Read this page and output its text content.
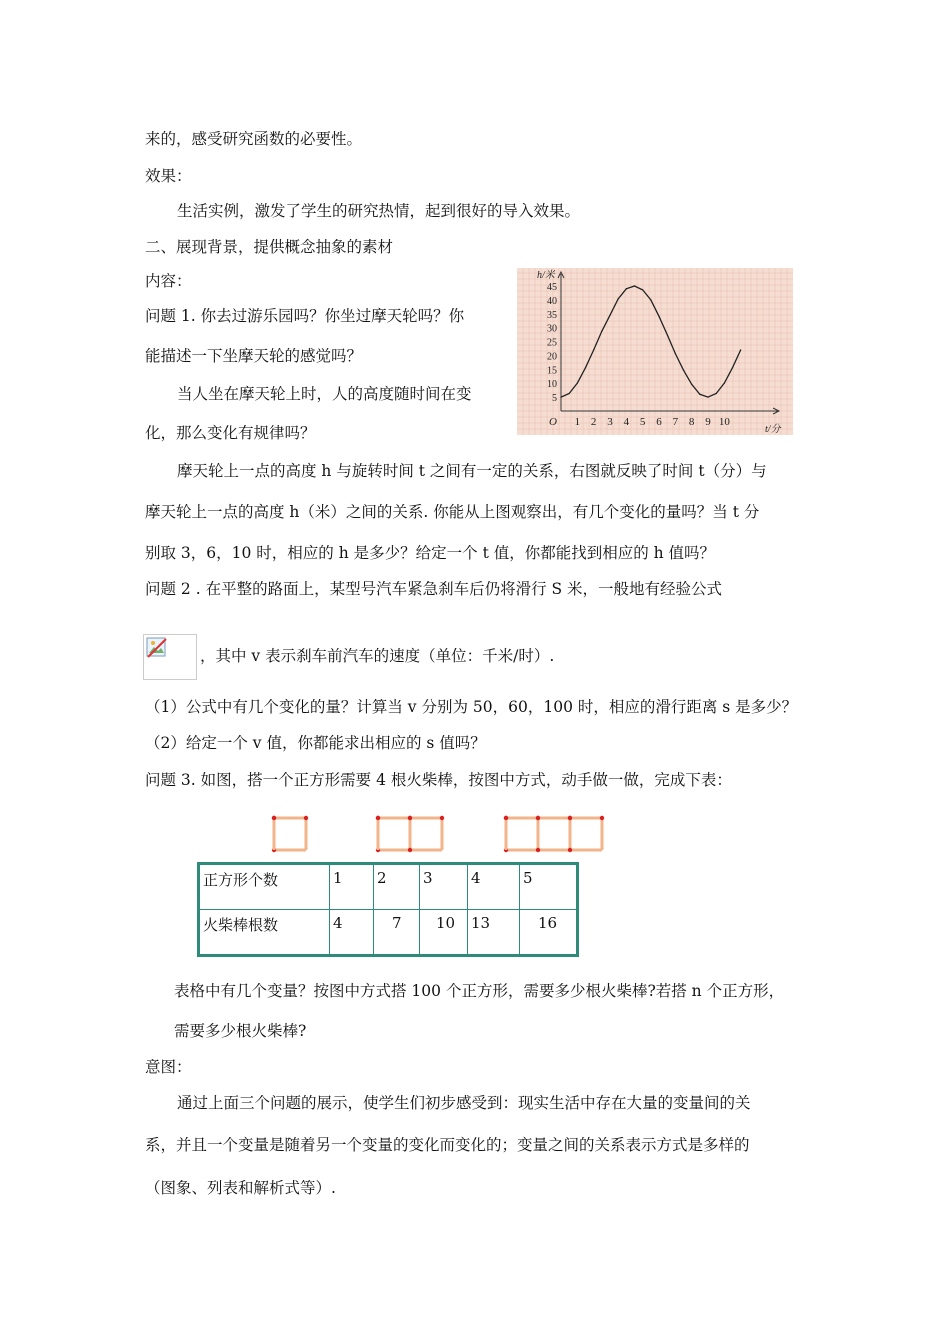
来的，感受研究函数的必要性。
效果：
生活实例，激发了学生的研究热情，起到很好的导入效果。
二、展现背景，提供概念抽象的素材
内容：
问题 1. 你去过游乐园吗？你坐过摩天轮吗？你
能描述一下坐摩天轮的感觉吗？
当人坐在摩天轮上时，人的高度随时间在变
化，那么变化有规律吗？
1 2 3 4 5 6 7 8 9 10
5
10
15
20
25
30
35
40
45
O
h/米
t/分
摩天轮上一点的高度 h 与旋转时间 t 之间有一定的关系，右图就反映了时间 t（分）与
摩天轮上一点的高度 h（米）之间的关系. 你能从上图观察出，有几个变化的量吗？当 t 分
别取 3，6，10 时，相应的 h 是多少？给定一个 t 值，你都能找到相应的 h 值吗？
问题 2 . 在平整的路面上，某型号汽车紧急刹车后仍将滑行 S 米，一般地有经验公式
，其中 v 表示刹车前汽车的速度（单位：千米/时）.
（1）公式中有几个变化的量？计算当 v 分别为 50，60，100 时，相应的滑行距离 s 是多少？
（2）给定一个 v 值，你都能求出相应的 s 值吗？
问题 3. 如图，搭一个正方形需要 4 根火柴棒，按图中方式，动手做一做，完成下表：
正方形个数	1	2	3	4	5
火柴棒根数	4	7	10	13	16
表格中有几个变量？按图中方式搭 100 个正方形，需要多少根火柴棒?若搭 n 个正方形，
需要多少根火柴棒?
意图：
通过上面三个问题的展示，使学生们初步感受到：现实生活中存在大量的变量间的关
系，并且一个变量是随着另一个变量的变化而变化的；变量之间的关系表示方式是多样的
（图象、列表和解析式等）.
